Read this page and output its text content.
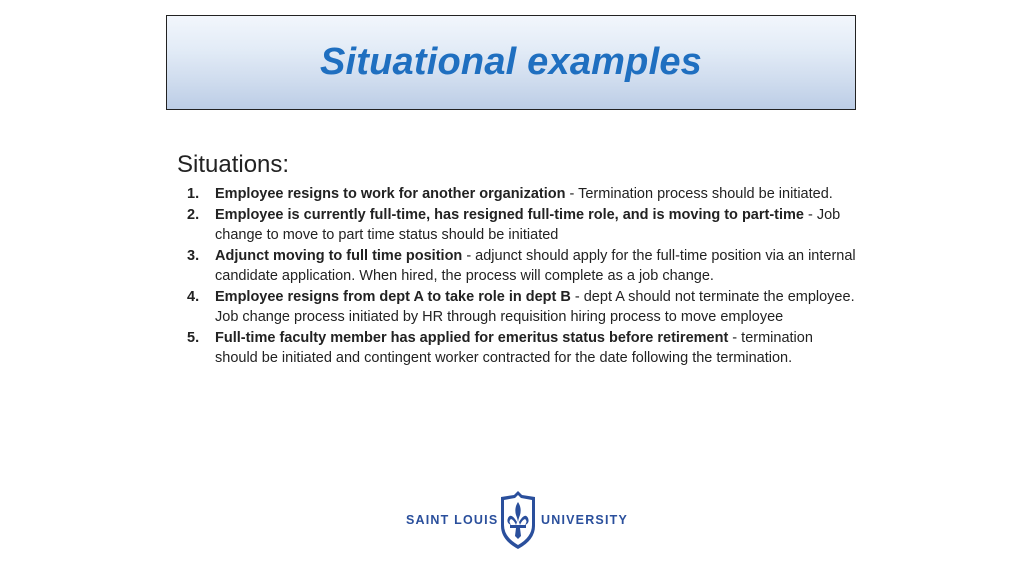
Situational examples
Situations:
1. Employee resigns to work for another organization - Termination process should be initiated.
2. Employee is currently full-time, has resigned full-time role, and is moving to part-time - Job change to move to part time status should be initiated
3. Adjunct moving to full time position - adjunct should apply for the full-time position via an internal candidate application. When hired, the process will complete as a job change.
4. Employee resigns from dept A to take role in dept B - dept A should not terminate the employee. Job change process initiated by HR through requisition hiring process to move employee
5. Full-time faculty member has applied for emeritus status before retirement - termination should be initiated and contingent worker contracted for the date following the termination.
SAINT LOUIS	UNIVERSITY
